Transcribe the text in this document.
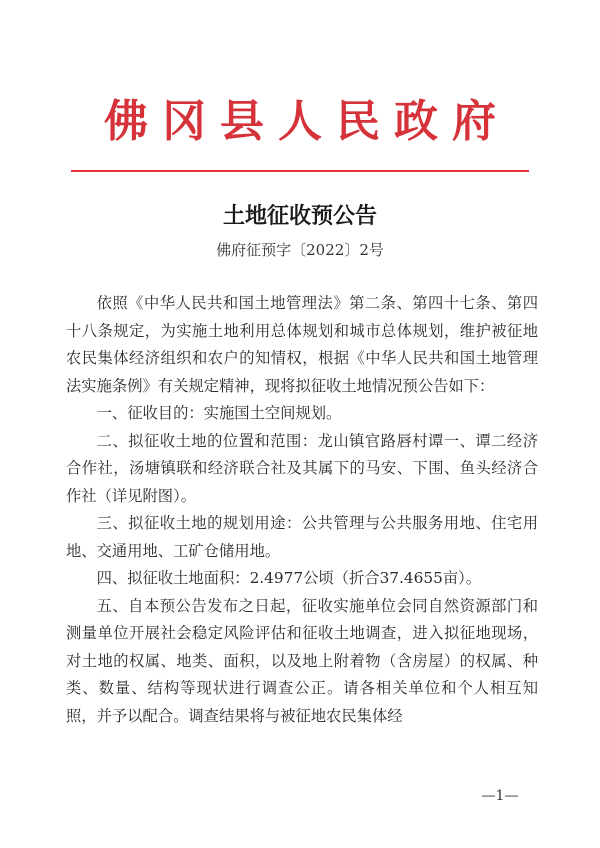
佛冈县人民政府
土地征收预公告
佛府征预字〔2022〕2号

依照《中华人民共和国土地管理法》第二条、第四十七条、第四十八条规定，为实施土地利用总体规划和城市总体规划，维护被征地农民集体经济组织和农户的知情权，根据《中华人民共和国土地管理法实施条例》有关规定精神，现将拟征收土地情况预公告如下：

一、征收目的：实施国土空间规划。

二、拟征收土地的位置和范围：龙山镇官路唇村谭一、谭二经济合作社，汤塘镇联和经济联合社及其属下的马安、下围、鱼头经济合作社（详见附图）。

三、拟征收土地的规划用途：公共管理与公共服务用地、住宅用地、交通用地、工矿仓储用地。

四、拟征收土地面积：2.4977公顷（折合37.4655亩）。

五、自本预公告发布之日起，征收实施单位会同自然资源部门和测量单位开展社会稳定风险评估和征收土地调查，进入拟征地现场，对土地的权属、地类、面积，以及地上附着物（含房屋）的权属、种类、数量、结构等现状进行调查公正。请各相关单位和个人相互知照，并予以配合。调查结果将与被征地农民集体经

—1—
